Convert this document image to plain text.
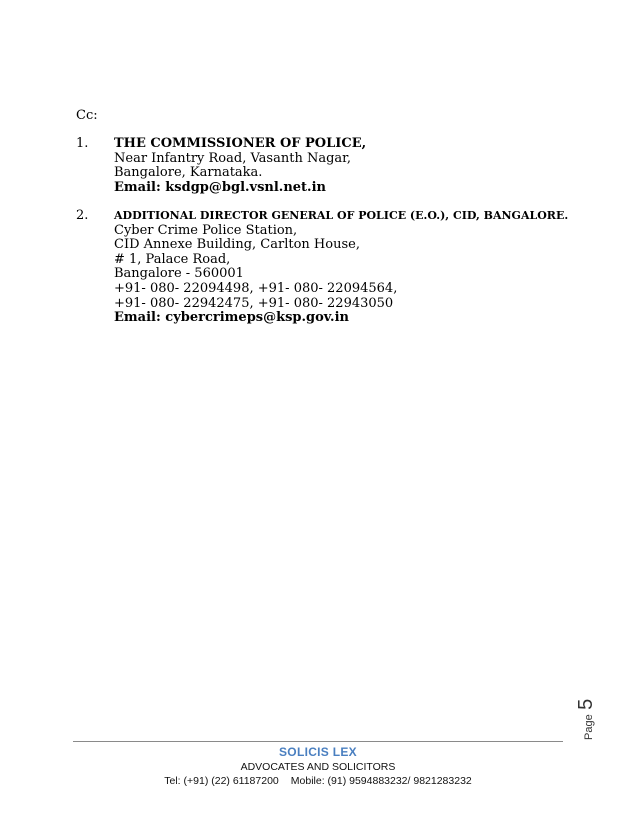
Cc:
1. THE COMMISSIONER OF POLICE,
Near Infantry Road, Vasanth Nagar,
Bangalore, Karnataka.
Email: ksdgp@bgl.vsnl.net.in
2. ADDITIONAL DIRECTOR GENERAL OF POLICE (E.O.), CID, BANGALORE.
Cyber Crime Police Station,
CID Annexe Building, Carlton House,
# 1, Palace Road,
Bangalore - 560001
+91- 080- 22094498, +91- 080- 22094564,
+91- 080- 22942475, +91- 080- 22943050
Email: cybercrimeps@ksp.gov.in
Page 5
SOLICIS LEX
ADVOCATES AND SOLICITORS
Tel: (+91) (22) 61187200 Mobile: (91) 9594883232/ 9821283232
